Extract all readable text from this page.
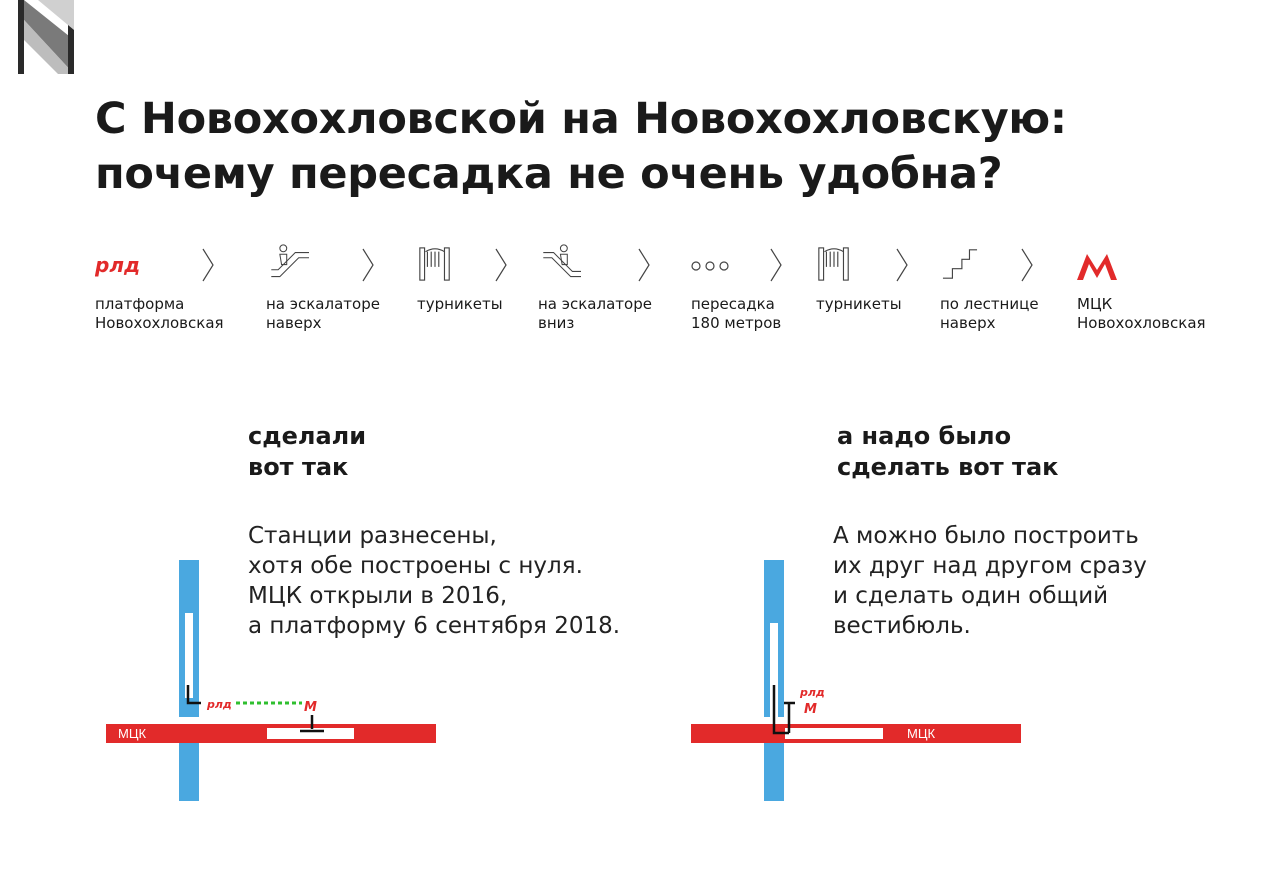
С Новохохловской на Новохохловскую:
почему пересадка не очень удобна?
рлд
платформа
Новохохловская
на эскалаторе
наверх
турникеты на эскалаторе
вниз
пересадка
180 метров
турникеты	по лестнице
наверх
МЦК
Новохохловская
сделали
вот так
Станции разнесены,
хотя обе построены с нуля.
МЦК открыли в 2016,
а платформу 6 сентября 2018.
рлд	М
МЦК
а надо было
сделать вот так
А можно было построить
их друг над другом сразу
и сделать один общий
вестибюль.
рлд
М
МЦК
